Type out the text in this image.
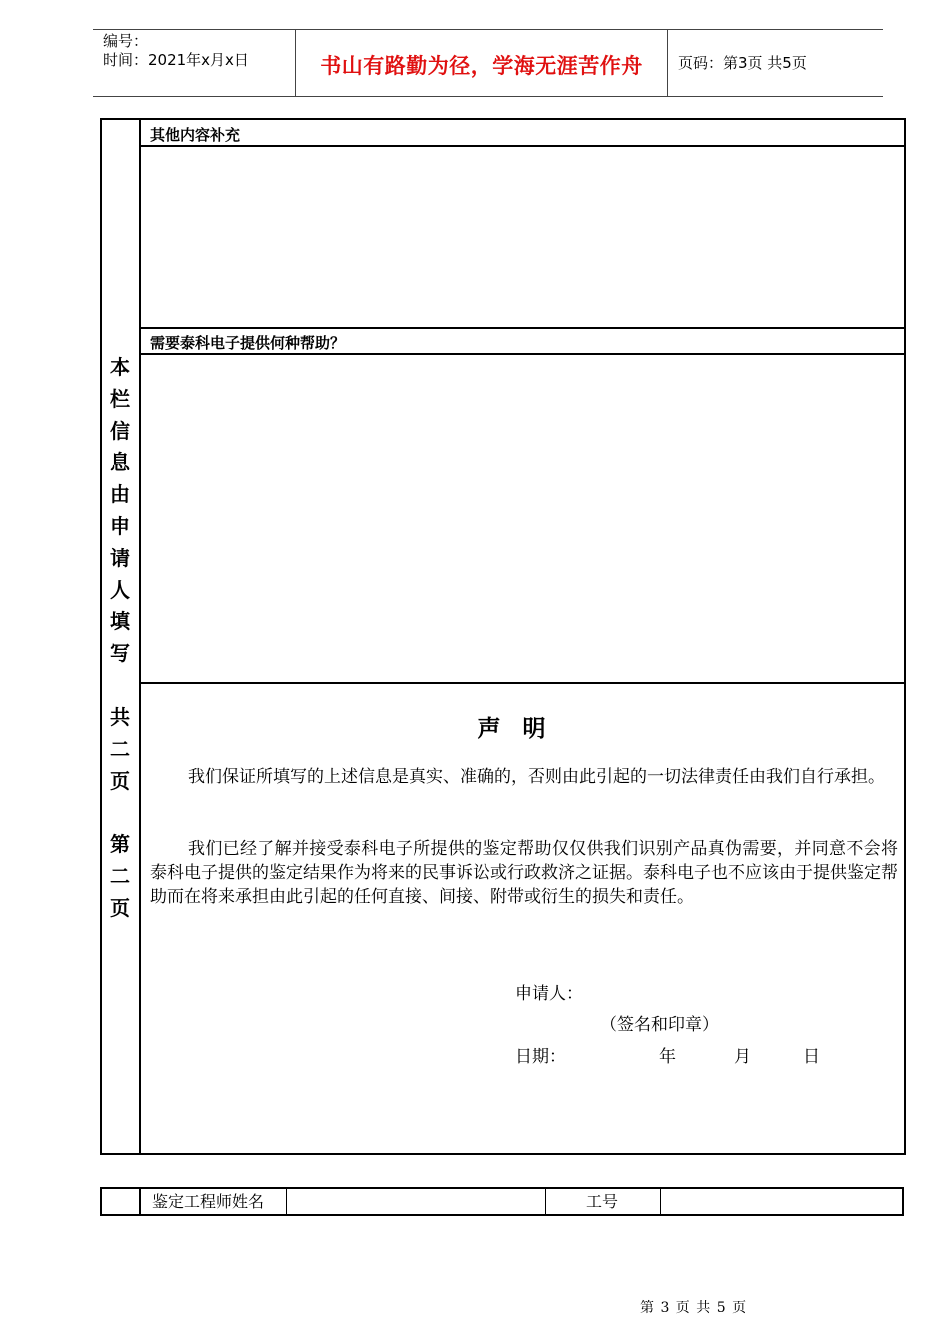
编号：
时间：2021年x月x日	书山有路勤为径，学海无涯苦作舟	页码：第3页 共5页
其他内容补充
需要泰科电子提供何种帮助？
本
栏
信
息
由
申
请
人
填
写
共
二
页
第
二
页
声明
我们保证所填写的上述信息是真实、准确的，否则由此引起的一切法律责任由我们自行承担。
我们已经了解并接受泰科电子所提供的鉴定帮助仅仅供我们识别产品真伪需要，并同意不会将泰科电子提供的鉴定结果作为将来的民事诉讼或行政救济之证据。泰科电子也不应该由于提供鉴定帮助而在将来承担由此引起的任何直接、间接、附带或衍生的损失和责任。
申请人：
（签名和印章）
日期：	年	月	日
鉴定工程师姓名	工号
第 3 页 共 5 页
